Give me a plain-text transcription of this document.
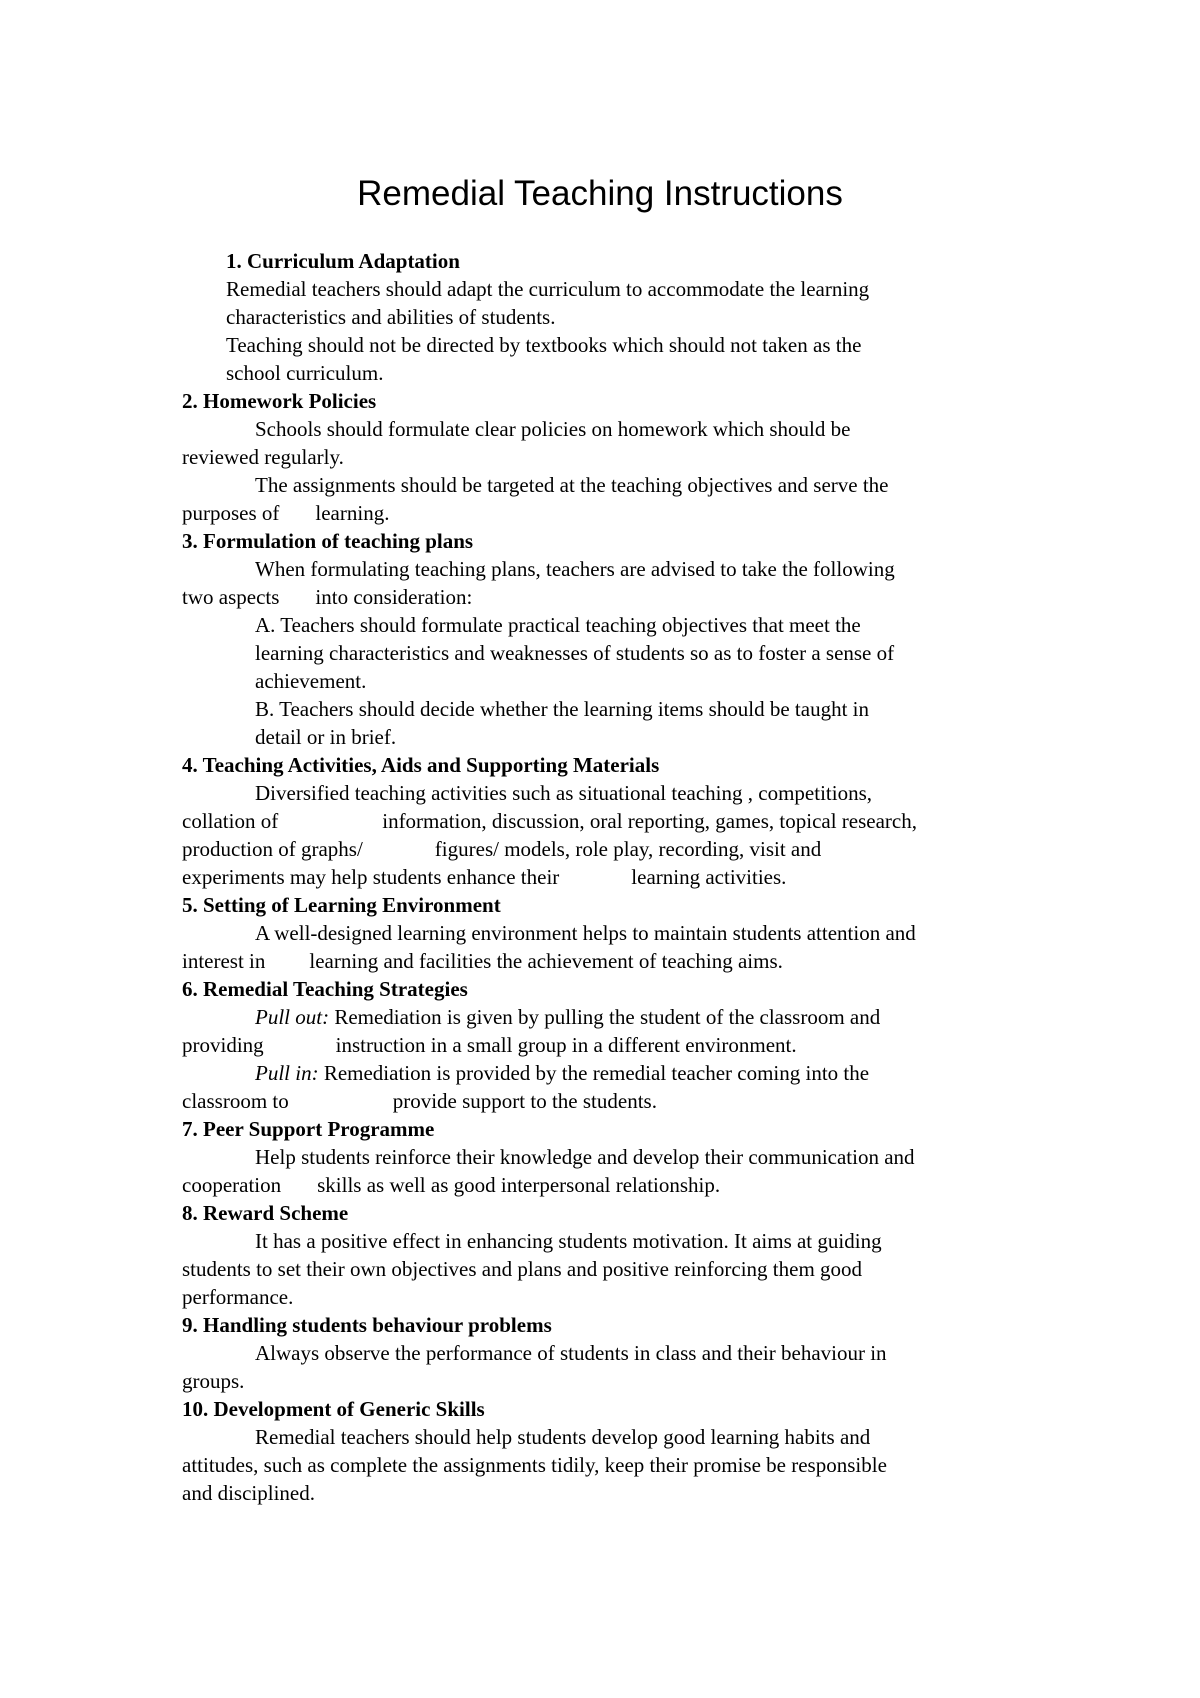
Remedial Teaching Instructions
1. Curriculum Adaptation
Remedial teachers should adapt the curriculum to accommodate the learning
characteristics and abilities of students.
Teaching should not be directed by textbooks which should not taken as the
school curriculum.
2. Homework Policies
Schools should formulate clear policies on homework which should be
reviewed regularly.
The assignments should be targeted at the teaching objectives and serve the
purposes of learning.
3. Formulation of teaching plans
When formulating teaching plans, teachers are advised to take the following
two aspects into consideration:
A. Teachers should formulate practical teaching objectives that meet the
learning characteristics and weaknesses of students so as to foster a sense of
achievement.
B. Teachers should decide whether the learning items should be taught in
detail or in brief.
4. Teaching Activities, Aids and Supporting Materials
Diversified teaching activities such as situational teaching , competitions,
collation of	information, discussion, oral reporting, games, topical research,
production of graphs/	figures/ models, role play, recording, visit and
experiments may help students enhance their	learning activities.
5. Setting of Learning Environment
A well-designed learning environment helps to maintain students attention and
interest in learning and facilities the achievement of teaching aims.
6. Remedial Teaching Strategies
Pull out: Remediation is given by pulling the student of the classroom and
providing	instruction in a small group in a different environment.
Pull in: Remediation is provided by the remedial teacher coming into the
classroom to	provide support to the students.
7. Peer Support Programme
Help students reinforce their knowledge and develop their communication and
cooperation skills as well as good interpersonal relationship.
8. Reward Scheme
It has a positive effect in enhancing students motivation. It aims at guiding
students to set their own objectives and plans and positive reinforcing them good
performance.
9. Handling students behaviour problems
Always observe the performance of students in class and their behaviour in
groups.
10. Development of Generic Skills
Remedial teachers should help students develop good learning habits and
attitudes, such as complete the assignments tidily, keep their promise be responsible
and disciplined.
